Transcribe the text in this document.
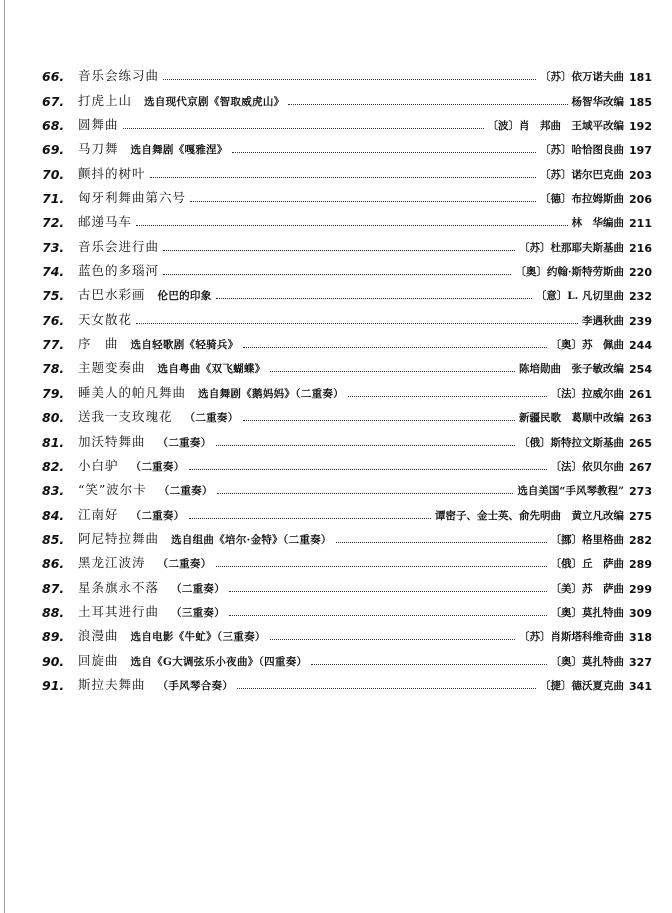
66.	音乐会练习曲	〔苏〕依万诺夫曲 181
67.	打虎上山 选自现代京剧《智取威虎山》	杨智华改编 185
68.	圆舞曲	〔波〕肖　邦曲　王域平改编 192
69.	马刀舞 选自舞剧《嘎雅涅》	〔苏〕哈恰图良曲 197
70.	颤抖的树叶	〔苏〕诺尔巴克曲 203
71.	匈牙利舞曲第六号	〔德〕布拉姆斯曲 206
72.	邮递马车	林　华编曲 211
73.	音乐会进行曲	〔苏〕杜那耶夫斯基曲 216
74.	蓝色的多瑙河	〔奥〕约翰·斯特劳斯曲 220
75.	古巴水彩画 伦巴的印象	〔意〕L. 凡切里曲 232
76.	天女散花	李遇秋曲 239
77.	序　曲 选自轻歌剧《轻骑兵》	〔奥〕苏　佩曲 244
78.	主题变奏曲 选自粤曲《双飞蝴蝶》	陈培勋曲　张子敏改编 254
79.	睡美人的帕凡舞曲 选自舞剧《鹅妈妈》（二重奏）	〔法〕拉威尔曲 261
80.	送我一支玫瑰花 （二重奏）	新疆民歌　葛顺中改编 263
81.	加沃特舞曲 （二重奏）	〔俄〕斯特拉文斯基曲 265
82.	小白驴 （二重奏）	〔法〕依贝尔曲 267
83.	“笑”波尔卡 （二重奏）	选自美国“手风琴教程” 273
84.	江南好 （二重奏）	谭密子、金士英、俞先明曲　黄立凡改编 275
85.	阿尼特拉舞曲 选自组曲《培尔·金特》（二重奏）	〔挪〕格里格曲 282
86.	黑龙江波涛 （二重奏）	〔俄〕丘　萨曲 289
87.	星条旗永不落 （二重奏）	〔美〕苏　萨曲 299
88.	土耳其进行曲 （三重奏）	〔奥〕莫扎特曲 309
89.	浪漫曲 选自电影《牛虻》（三重奏）	〔苏〕肖斯塔科维奇曲 318
90.	回旋曲 选自《G大调弦乐小夜曲》（四重奏）	〔奥〕莫扎特曲 327
91.	斯拉夫舞曲 （手风琴合奏）	〔捷〕德沃夏克曲 341
